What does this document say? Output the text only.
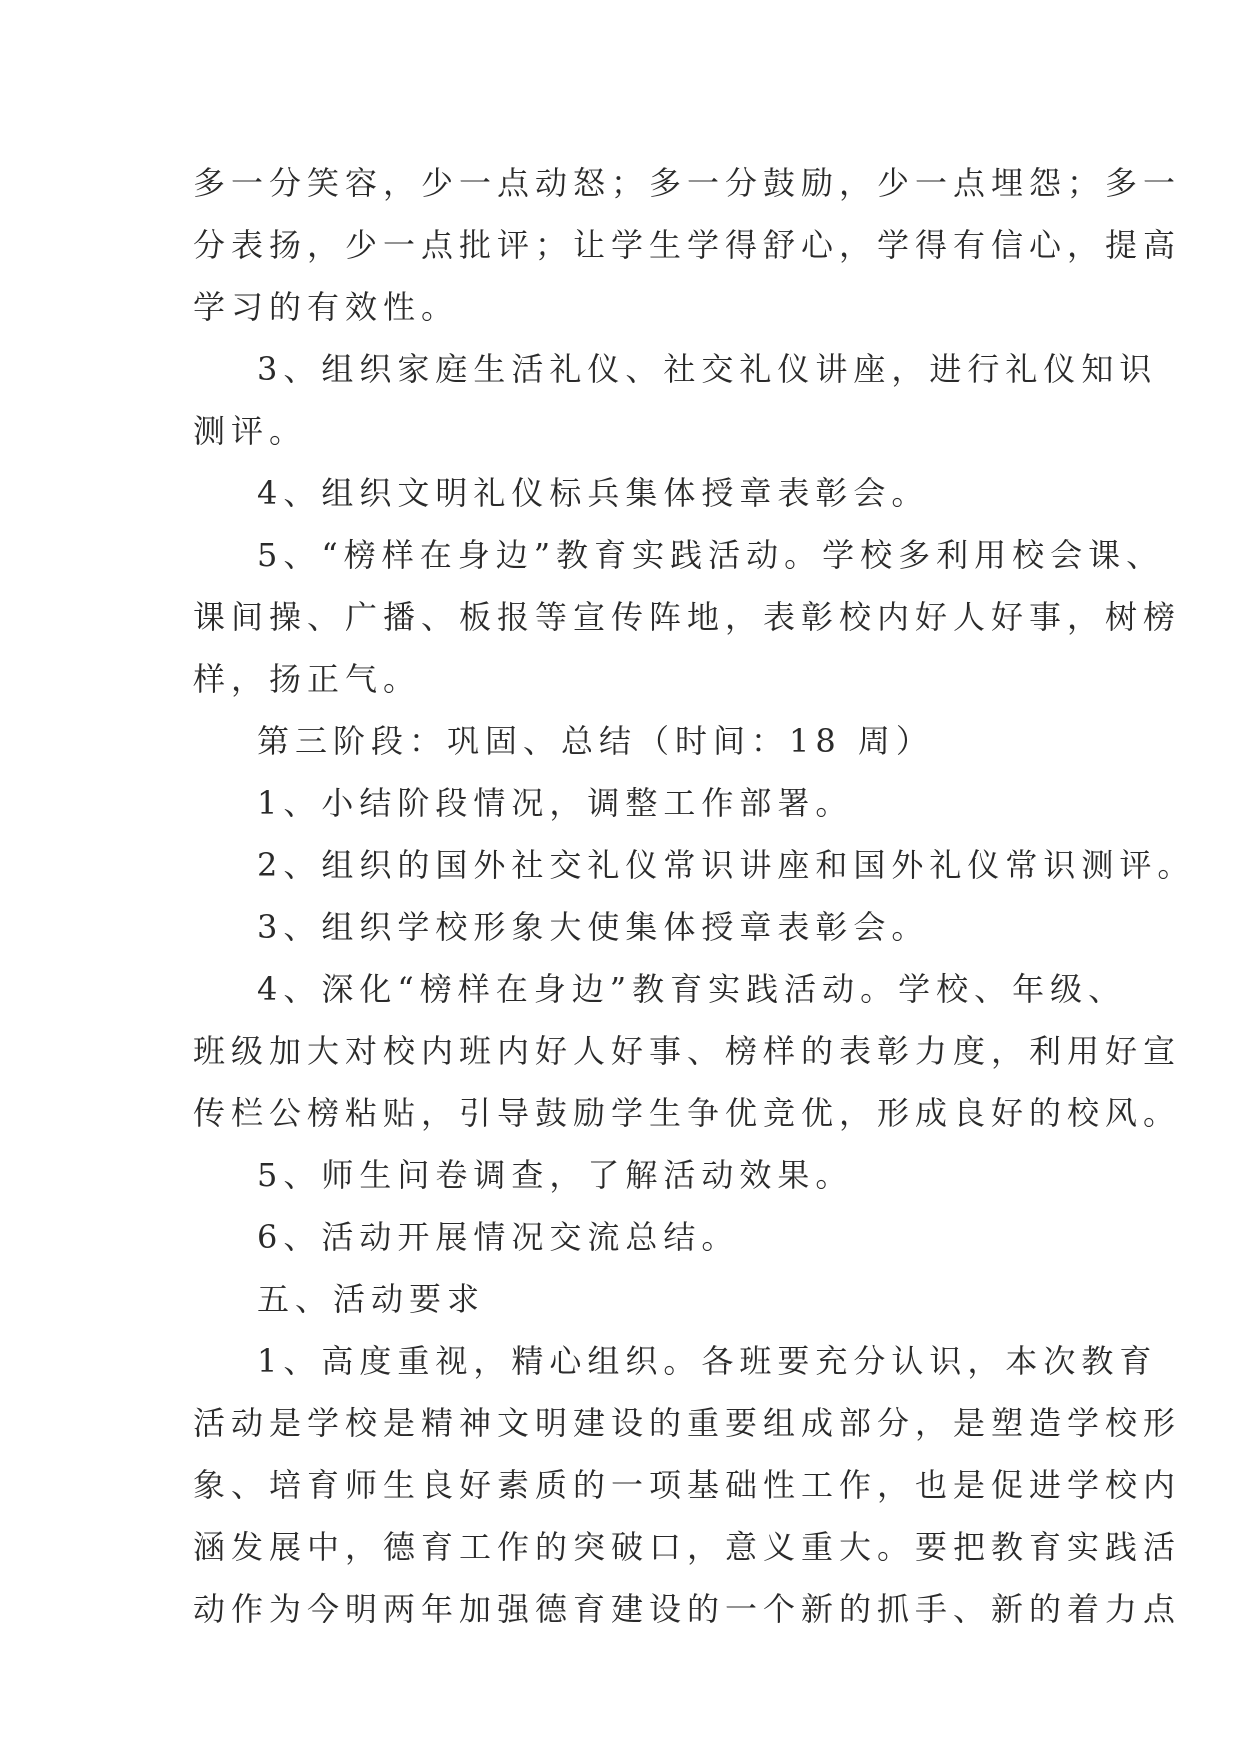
多一分笑容，少一点动怒；多一分鼓励，少一点埋怨；多一
分表扬，少一点批评；让学生学得舒心，学得有信心，提高
学习的有效性。
3、组织家庭生活礼仪、社交礼仪讲座，进行礼仪知识
测评。
4、组织文明礼仪标兵集体授章表彰会。
5、“榜样在身边”教育实践活动。学校多利用校会课、
课间操、广播、板报等宣传阵地，表彰校内好人好事，树榜
样，扬正气。
第三阶段：巩固、总结（时间：18 周）
1、小结阶段情况，调整工作部署。
2、组织的国外社交礼仪常识讲座和国外礼仪常识测评。
3、组织学校形象大使集体授章表彰会。
4、深化“榜样在身边”教育实践活动。学校、年级、
班级加大对校内班内好人好事、榜样的表彰力度，利用好宣
传栏公榜粘贴，引导鼓励学生争优竞优，形成良好的校风。
5、师生问卷调查，了解活动效果。
6、活动开展情况交流总结。
五、活动要求
1、高度重视，精心组织。各班要充分认识，本次教育
活动是学校是精神文明建设的重要组成部分，是塑造学校形
象、培育师生良好素质的一项基础性工作，也是促进学校内
涵发展中，德育工作的突破口，意义重大。要把教育实践活
动作为今明两年加强德育建设的一个新的抓手、新的着力点
